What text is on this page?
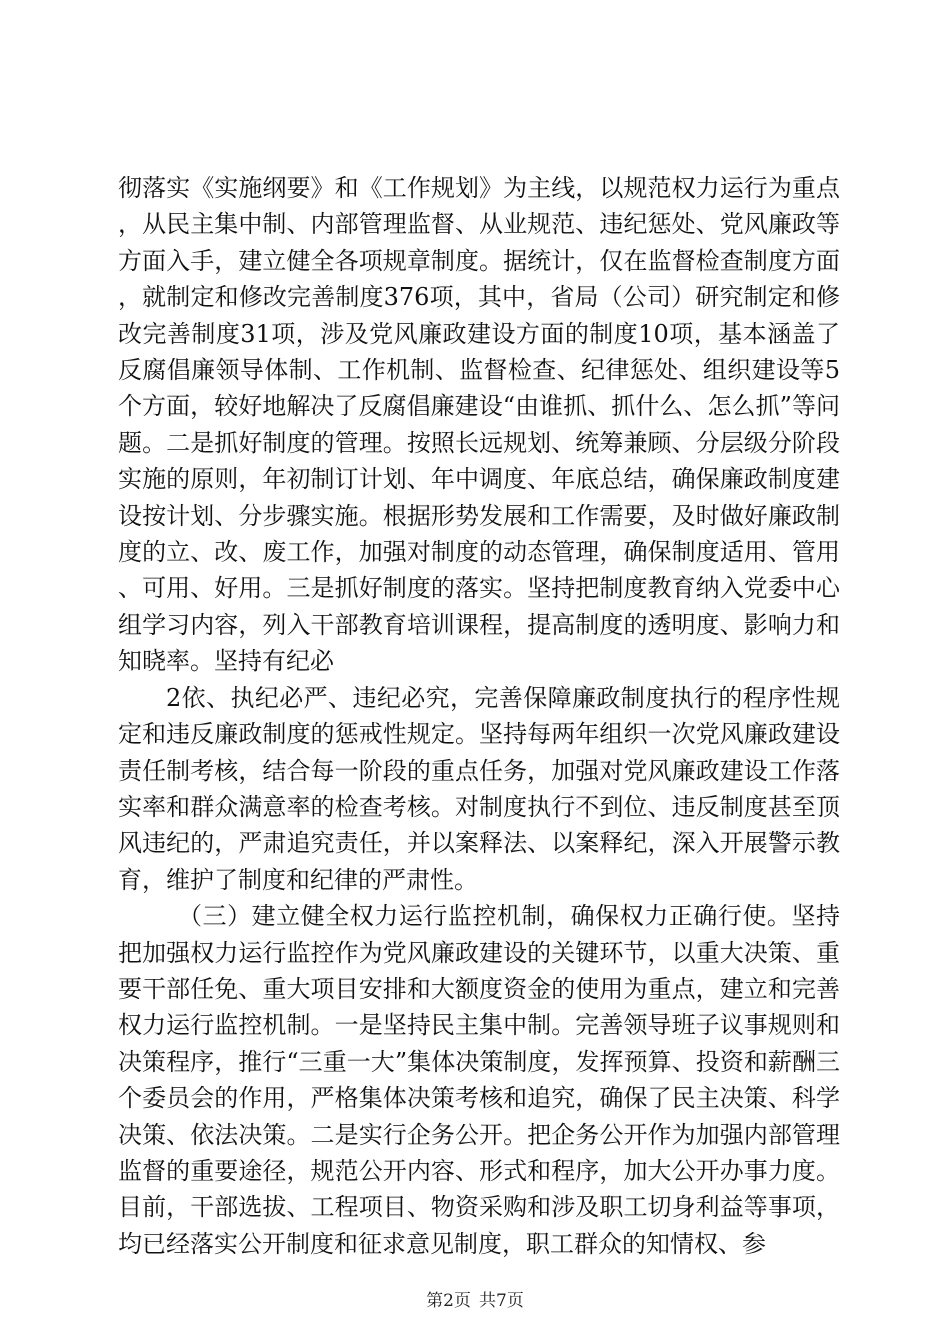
彻落实《实施纲要》和《工作规划》为主线，以规范权力运行为重点，从民主集中制、内部管理监督、从业规范、违纪惩处、党风廉政等方面入手，建立健全各项规章制度。据统计，仅在监督检查制度方面，就制定和修改完善制度376项，其中，省局（公司）研究制定和修改完善制度31项，涉及党风廉政建设方面的制度10项，基本涵盖了反腐倡廉领导体制、工作机制、监督检查、纪律惩处、组织建设等5个方面，较好地解决了反腐倡廉建设“由谁抓、抓什么、怎么抓”等问题。二是抓好制度的管理。按照长远规划、统筹兼顾、分层级分阶段实施的原则，年初制订计划、年中调度、年底总结，确保廉政制度建设按计划、分步骤实施。根据形势发展和工作需要，及时做好廉政制度的立、改、废工作，加强对制度的动态管理，确保制度适用、管用、可用、好用。三是抓好制度的落实。坚持把制度教育纳入党委中心组学习内容，列入干部教育培训课程，提高制度的透明度、影响力和知晓率。坚持有纪必

2依、执纪必严、违纪必究，完善保障廉政制度执行的程序性规定和违反廉政制度的惩戒性规定。坚持每两年组织一次党风廉政建设责任制考核，结合每一阶段的重点任务，加强对党风廉政建设工作落实率和群众满意率的检查考核。对制度执行不到位、违反制度甚至顶风违纪的，严肃追究责任，并以案释法、以案释纪，深入开展警示教育，维护了制度和纪律的严肃性。

（三）建立健全权力运行监控机制，确保权力正确行使。坚持把加强权力运行监控作为党风廉政建设的关键环节，以重大决策、重要干部任免、重大项目安排和大额度资金的使用为重点，建立和完善权力运行监控机制。一是坚持民主集中制。完善领导班子议事规则和决策程序，推行“三重一大”集体决策制度，发挥预算、投资和薪酬三个委员会的作用，严格集体决策考核和追究，确保了民主决策、科学决策、依法决策。二是实行企务公开。把企务公开作为加强内部管理监督的重要途径，规范公开内容、形式和程序，加大公开办事力度。目前，干部选拔、工程项目、物资采购和涉及职工切身利益等事项，均已经落实公开制度和征求意见制度，职工群众的知情权、参

第2页 共7页
